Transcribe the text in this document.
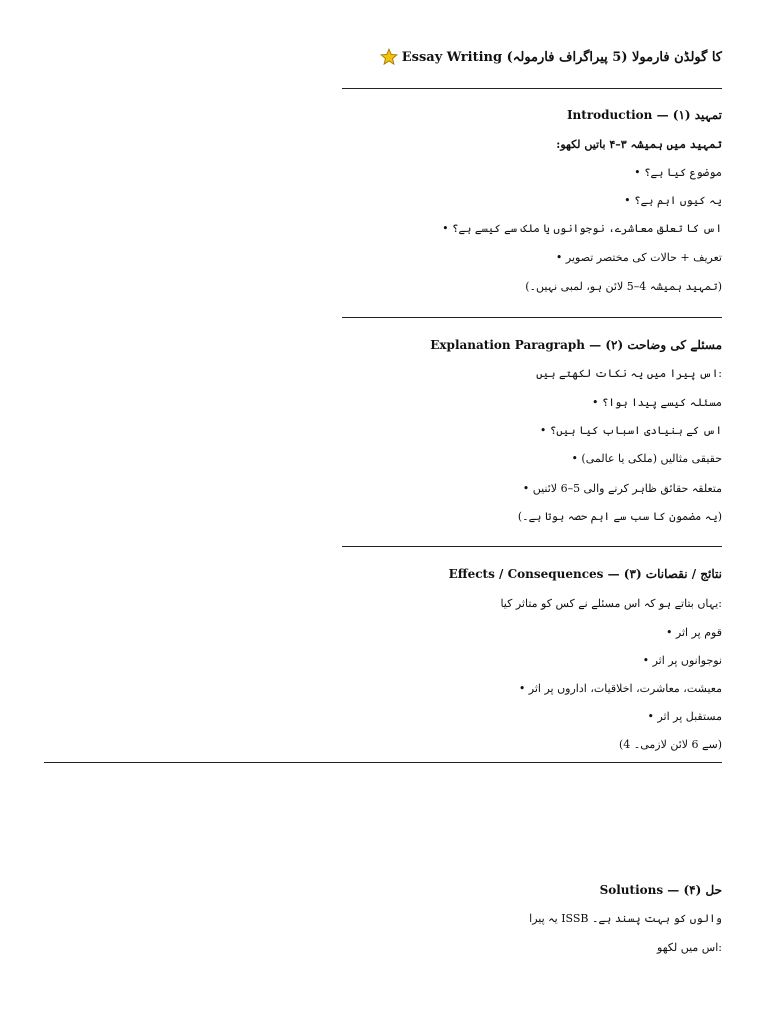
کا گولڈن فارمولا (5 پیراگراف فارمولہ) Essay Writing
تمہید (۱) — Introduction
تمہید میں ہمیشہ ۳–۴ باتیں لکھو:
موضوع کیا ہے؟ •
یہ کیوں اہم ہے؟ •
اس کا تعلق معاشرے، نوجوانوں یا ملک سے کیسے ہے؟ •
تعریف + حالات کی مختصر تصویر •
(تمہید ہمیشہ 4–5 لائن ہو، لمبی نہیں۔)
مسئلے کی وضاحت (۲) — Explanation Paragraph
:اس پیرا میں یہ نکات لکھتے ہیں
مسئلہ کیسے پیدا ہوا؟ •
اس کے بنیادی اسباب کیا ہیں؟ •
حقیقی مثالیں (ملکی یا عالمی) •
متعلقہ حقائق ظاہر کرنے والی 5–6 لائنیں •
(یہ مضمون کا سب سے اہم حصہ ہوتا ہے۔)
نتائج / نقصانات (۳) — Effects / Consequences
:یہاں بتاتے ہو کہ اس مسئلے نے کس کو متاثر کیا
قوم پر اثر •
نوجوانوں پر اثر •
معیشت، معاشرت، اخلاقیات، اداروں پر اثر •
مستقبل پر اثر •
(سے 6 لائن لازمی۔ 4)
حل (۴) — Solutions
والوں کو بہت پسند ہے۔ ISSB یہ پیرا
:اس میں لکھو
